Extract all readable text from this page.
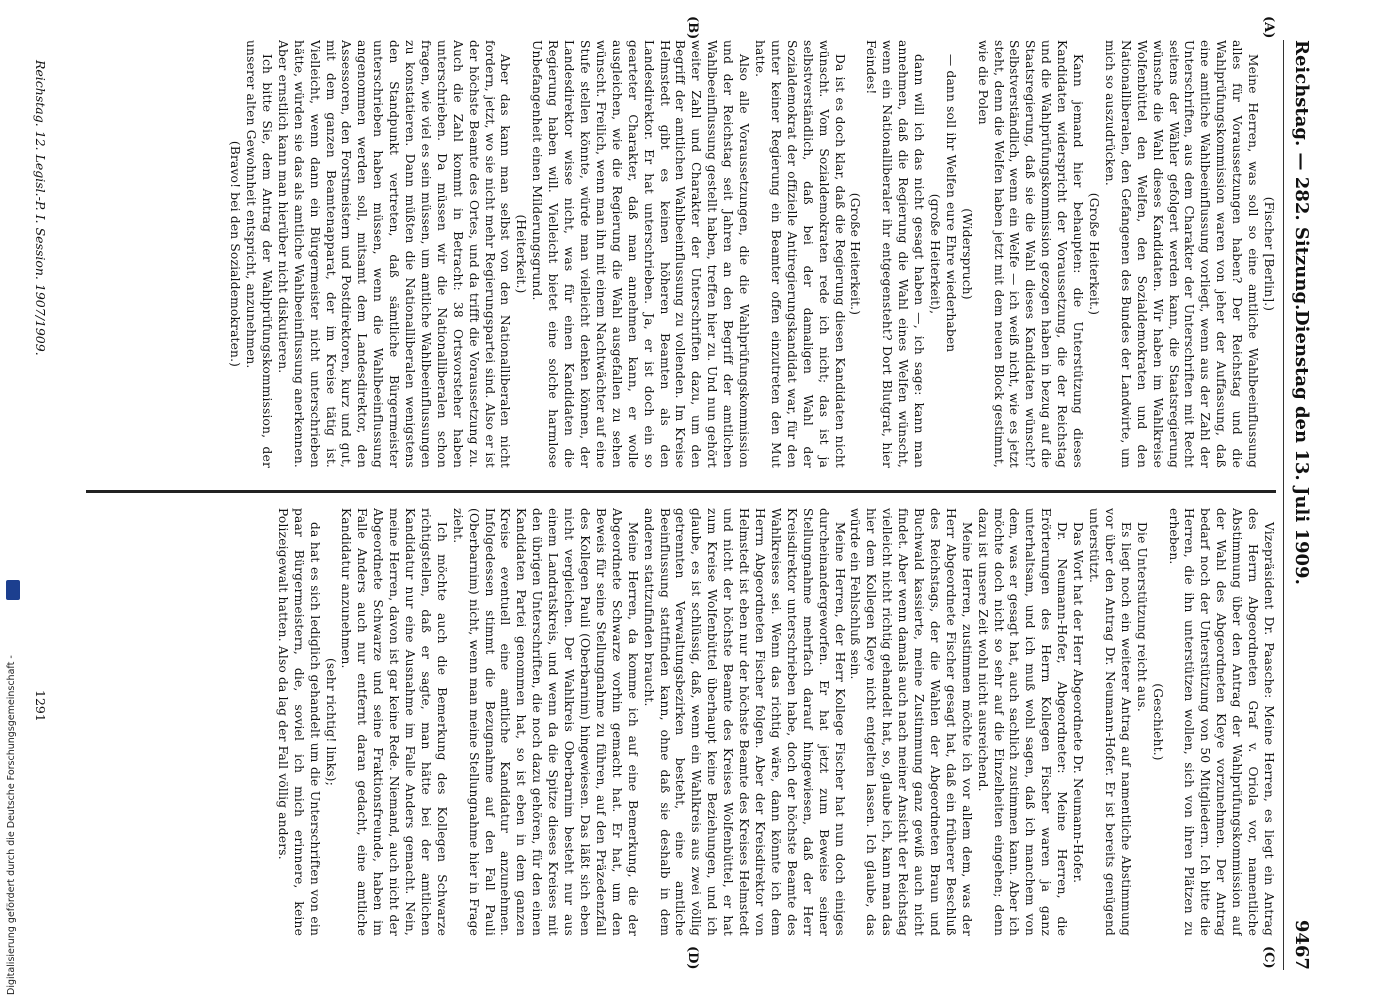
Digitalisierung gefördert durch die Deutsche Forschungsgemeinschaft -
Reichstag. — 282. Sitzung.
Dienstag den 13. Juli 1909.
9467
(A)
(B)
(C)
(D)

(Fischer [Berlin].)

Meine Herren, was soll so eine amtliche Wahlbeeinflussung alles für Voraussetzungen haben? Der Reichstag und die Wahlprüfungskommission waren von jeher der Auffassung, daß eine amtliche Wahlbeeinflussung vorliegt, wenn aus der Zahl der Unterschriften, aus dem Charakter der Unterschriften mit Recht seitens der Wähler gefolgert werden kann, die Staatsregierung wünsche die Wahl dieses Kandidaten. Wir haben im Wahlkreise Wolfenbüttel den Welfen, den Sozialdemokraten und den Nationalliberalen, den Gefangenen des Bundes der Landwirte, um mich so auszudrücken.

(Große Heiterkeit.)

Kann jemand hier behaupten: die Unterstützung dieses Kandidaten widerspricht der Voraussetzung, die der Reichstag und die Wahlprüfungskommission gezogen haben in bezug auf die Staatsregierung, daß sie die Wahl dieses Kandidaten wünscht? Selbstverständlich, wenn ein Welfe — ich weiß nicht, wie es jetzt steht, denn die Welfen haben jetzt mit dem neuen Block gestimmt, wie die Polen

(Widerspruch)

— dann soll ihr Welfen eure Ehre wiederhaben

(große Heiterkeit),

dann will ich das nicht gesagt haben —, ich sage: kann man annehmen, daß die Regierung die Wahl eines Welfen wünscht, wenn ein Nationalliberaler ihr entgegensteht? Dort Blutgrat, hier Feindes!

(Große Heiterkeit.)

Da ist es doch klar, daß die Regierung diesen Kandidaten nicht wünscht. Vom Sozialdemokraten rede ich nicht; das ist ja selbstverständlich, daß bei der damaligen Wahl der Sozialdemokrat der offizielle Antiregierungskandidat war, für den unter keiner Regierung ein Beamter offen einzutreten den Mut hatte.

Also alle Voraussetzungen, die die Wahlprüfungskommission und der Reichstag seit Jahren an den Begriff der amtlichen Wahlbeeinflussung gestellt haben, treffen hier zu. Und nun gehört weiter Zahl und Charakter der Unterschriften dazu, um den Begriff der amtlichen Wahlbeeinflussung zu vollenden. Im Kreise Helmstedt gibt es keinen höheren Beamten als den Landesdirektor. Er hat unterschrieben. Ja, er ist doch ein so gearteter Charakter, daß man annehmen kann, er wolle ausgleichen, wie die Regierung die Wahl ausgefallen zu sehen wünscht. Freilich, wenn man ihn mit einem Nachtwächter auf eine Stufe stellen könnte, würde man vielleicht denken können, der Landesdirektor wisse nicht, was für einen Kandidaten die Regierung haben will. Vielleicht bietet eine solche harmlose Unbefangenheit einen Milderungsgrund.

(Heiterkeit.)

Aber das kann man selbst von den Nationalliberalen nicht fordern, jetzt, wo sie nicht mehr Regierungspartei sind. Also er ist der höchste Beamte des Ortes, und da trifft die Voraussetzung zu. Auch die Zahl kommt in Betracht: 38 Ortsvorsteher haben unterschrieben. Da müssen wir die Nationalliberalen schon fragen, wie viel es sein müssen, um amtliche Wahlbeeinflussungen zu konstatieren. Dann müßten die Nationalliberalen wenigstens den Standpunkt vertreten, daß sämtliche Bürgermeister unterschrieben haben müssen, wenn die Wahlbeeinflussung angenommen werden soll, mitsamt dem Landesdirektor, den Assessoren, den Forstmeistern und Postdirektoren, kurz und gut, mit dem ganzen Beamtenapparat, der im Kreise tätig ist. Vielleicht, wenn dann ein Bürgermeister nicht unterschrieben hätte, würden sie das als amtliche Wahlbeeinflussung anerkennen. Aber ernstlich kann man hierüber nicht diskutieren.

Ich bitte Sie, dem Antrag der Wahlprüfungskommission, der unserer alten Gewohnheit entspricht, anzunehmen.

(Bravo! bei den Sozialdemokraten.)

Vizepräsident Dr. Paasche: Meine Herren, es liegt ein Antrag des Herrn Abgeordneten Graf v. Oriola vor, namentliche Abstimmung über den Antrag der Wahlprüfungskommission auf der Wahl des Abgeordneten Kleye vorzunehmen. Der Antrag bedarf noch der Unterstützung von 50 Mitgliedern. Ich bitte die Herren, die ihn unterstützen wollen, sich von ihren Plätzen zu erheben.

(Geschieht.)

Die Unterstützung reicht aus.

Es liegt noch ein weiterer Antrag auf namentliche Abstimmung vor über den Antrag Dr. Neumann-Hofer. Er ist bereits genügend unterstützt.

Das Wort hat der Herr Abgeordnete Dr. Neumann-Hofer.

Dr. Neumann-Hofer, Abgeordneter: Meine Herren, die Erörterungen des Herrn Kollegen Fischer waren ja ganz unterhaltsam, und ich muß wohl sagen, daß ich manchem von dem, was er gesagt hat, auch sachlich zustimmen kann. Aber ich möchte doch nicht so sehr auf die Einzelheiten eingehen; denn dazu ist unsere Zeit wohl nicht ausreichend.

Meine Herren, zustimmen möchte ich vor allem dem, was der Herr Abgeordnete Fischer gesagt hat, daß ein früherer Beschluß des Reichstags, der die Wahlen der Abgeordneten Braun und Buchwald kassierte, meine Zustimmung ganz gewiß auch nicht findet. Aber wenn damals auch nach meiner Ansicht der Reichstag vielleicht nicht richtig gehandelt hat, so, glaube ich, kann man das hier dem Kollegen Kleye nicht entgelten lassen. Ich glaube, das würde ein Fehlschluß sein.

Meine Herren, der Herr Kollege Fischer hat nun doch einiges durcheinandergeworfen. Er hat jetzt zum Beweise seiner Stellungnahme mehrfach darauf hingewiesen, daß der Herr Kreisdirektor unterschrieben habe, doch der höchste Beamte des Wahlkreises sei. Wenn das richtig wäre, dann könnte ich dem Herrn Abgeordneten Fischer folgen. Aber der Kreisdirektor von Helmstedt ist eben nur der höchste Beamte des Kreises Helmstedt und nicht der höchste Beamte des Kreises Wolfenbüttel, er hat zum Kreise Wolfenbüttel überhaupt keine Beziehungen, und ich glaube, es ist schlüssig, daß, wenn ein Wahlkreis aus zwei völlig getrennten Verwaltungsbezirken besteht, eine amtliche Beeinflussung stattfinden kann, ohne daß sie deshalb in dem anderen stattzufinden braucht.

Meine Herren, da komme ich auf eine Bemerkung, die der Abgeordnete Schwarze vorhin gemacht hat. Er hat, um den Beweis für seine Stellungnahme zu führen, auf den Präzedenzfall des Kollegen Pauli (Oberbarnim) hingewiesen. Das läßt sich eben nicht vergleichen. Der Wahlkreis Oberbarnim besteht nur aus einem Landratskreis, und wenn da die Spitze dieses Kreises mit den übrigen Unterschriften, die noch dazu gehören, für den einen Kandidaten Partei genommen hat, so ist eben in dem ganzen Kreise eventuell eine amtliche Kandidatur anzunehmen. Infolgedessen stimmt die Bezugnahme auf den Fall Pauli (Oberbarnim) nicht, wenn man meine Stellungnahme hier in Frage zieht.

Ich möchte auch die Bemerkung des Kollegen Schwarze richtigstellen, daß er sagte, man hätte bei der amtlichen Kandidatur nur eine Ausnahme im Falle Anders gemacht. Nein, meine Herren, davon ist gar keine Rede. Niemand, auch nicht der Abgeordnete Schwarze und seine Fraktionsfreunde, haben im Falle Anders auch nur entfernt daran gedacht, eine amtliche Kandidatur anzunehmen.

(sehr richtig! links);

da hat es sich lediglich gehandelt um die Unterschriften von ein paar Bürgermeistern, die, soviel ich mich erinnere, keine Polizeigewalt hatten. Also da lag der Fall völlig anders.

Reichstag. 12. Legisl.-P. I. Session. 1907/1909.
1291
